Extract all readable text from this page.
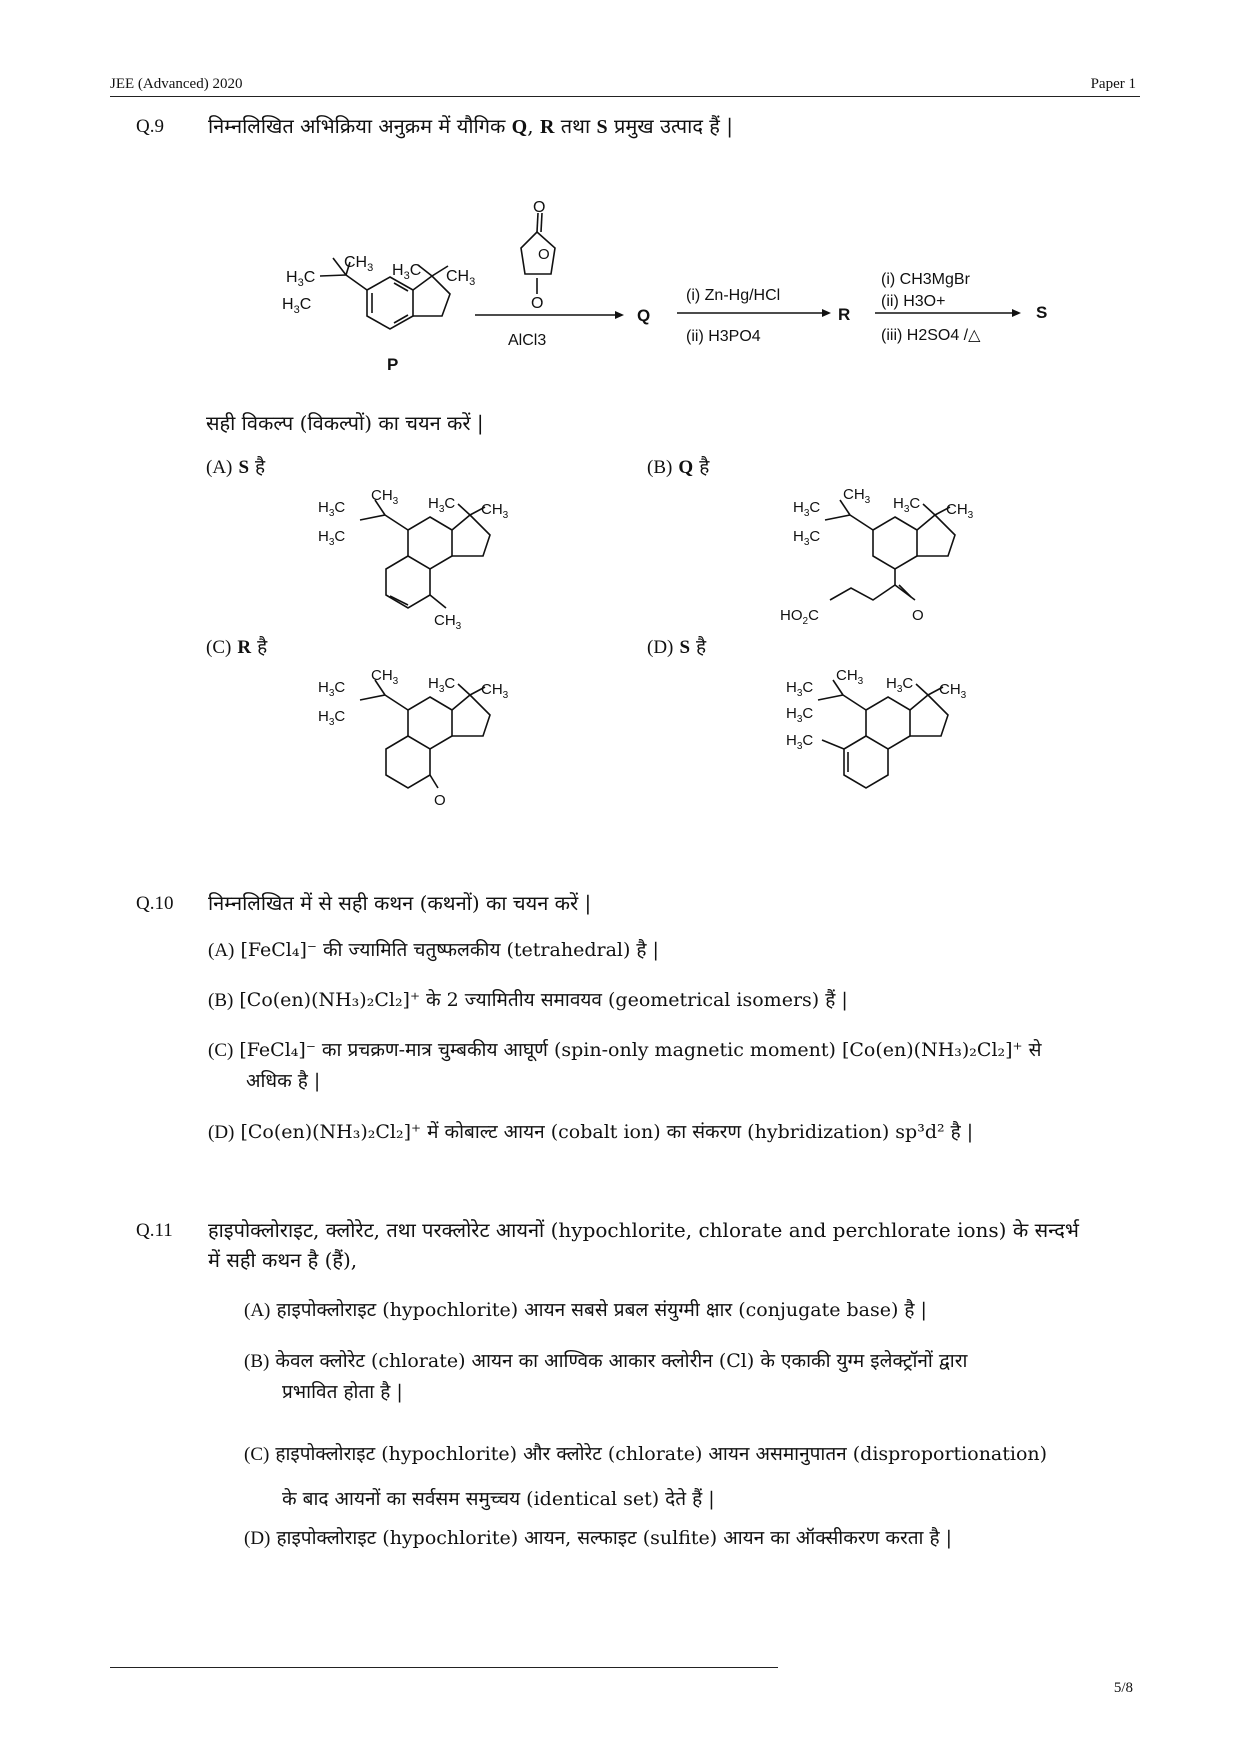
JEE (Advanced) 2020	Paper 1
Q.9 निम्नलिखित अभिक्रिया अनुक्रम में यौगिक Q, R तथा S प्रमुख उत्पाद हैं |
$H_3C$
$H_3C$
$CH_3$ $H_3C$ $CH_3$
P
O
O
O
AlCl3
Q
(i) Zn-Hg/HCl
(ii) H3PO4
R
(i) CH3MgBr
(ii) H3O+
(iii) H2SO4 /△
S
सही विकल्प (विकल्पों) का चयन करें |
(A) S है	(B) Q है
(C) R है	(D) S है
$H_3C$
$H_3C$
$CH_3$ $H_3C$ $CH_3$
$CH_3$
$H_3C$
$H_3C$
$CH_3$ $H_3C$ $CH_3$
$HO_2C$	O
$H_3C$
$H_3C$
$CH_3$ $H_3C$ $CH_3$
O
$H_3C$
$H_3C$
$H_3C$
$CH_3$ $H_3C$ $CH_3$
Q.10 निम्नलिखित में से सही कथन (कथनों) का चयन करें |
(A) [FeCl₄]⁻ की ज्यामिति चतुष्फलकीय (tetrahedral) है |
(B) [Co(en)(NH₃)₂Cl₂]⁺ के 2 ज्यामितीय समावयव (geometrical isomers) हैं |
(C) [FeCl₄]⁻ का प्रचक्रण-मात्र चुम्बकीय आघूर्ण (spin-only magnetic moment) [Co(en)(NH₃)₂Cl₂]⁺ से
अधिक है |
(D) [Co(en)(NH₃)₂Cl₂]⁺ में कोबाल्ट आयन (cobalt ion) का संकरण (hybridization) sp³d² है |
Q.11 हाइपोक्लोराइट, क्लोरेट, तथा परक्लोरेट आयनों (hypochlorite, chlorate and perchlorate ions) के सन्दर्भ
में सही कथन है (हैं),
(A) हाइपोक्लोराइट (hypochlorite) आयन सबसे प्रबल संयुग्मी क्षार (conjugate base) है |
(B) केवल क्लोरेट (chlorate) आयन का आण्विक आकार क्लोरीन (Cl) के एकाकी युग्म इलेक्ट्रॉनों द्वारा
प्रभावित होता है |
(C) हाइपोक्लोराइट (hypochlorite) और क्लोरेट (chlorate) आयन असमानुपातन (disproportionation)
के बाद आयनों का सर्वसम समुच्चय (identical set) देते हैं |
(D) हाइपोक्लोराइट (hypochlorite) आयन, सल्फाइट (sulfite) आयन का ऑक्सीकरण करता है |
5/8
